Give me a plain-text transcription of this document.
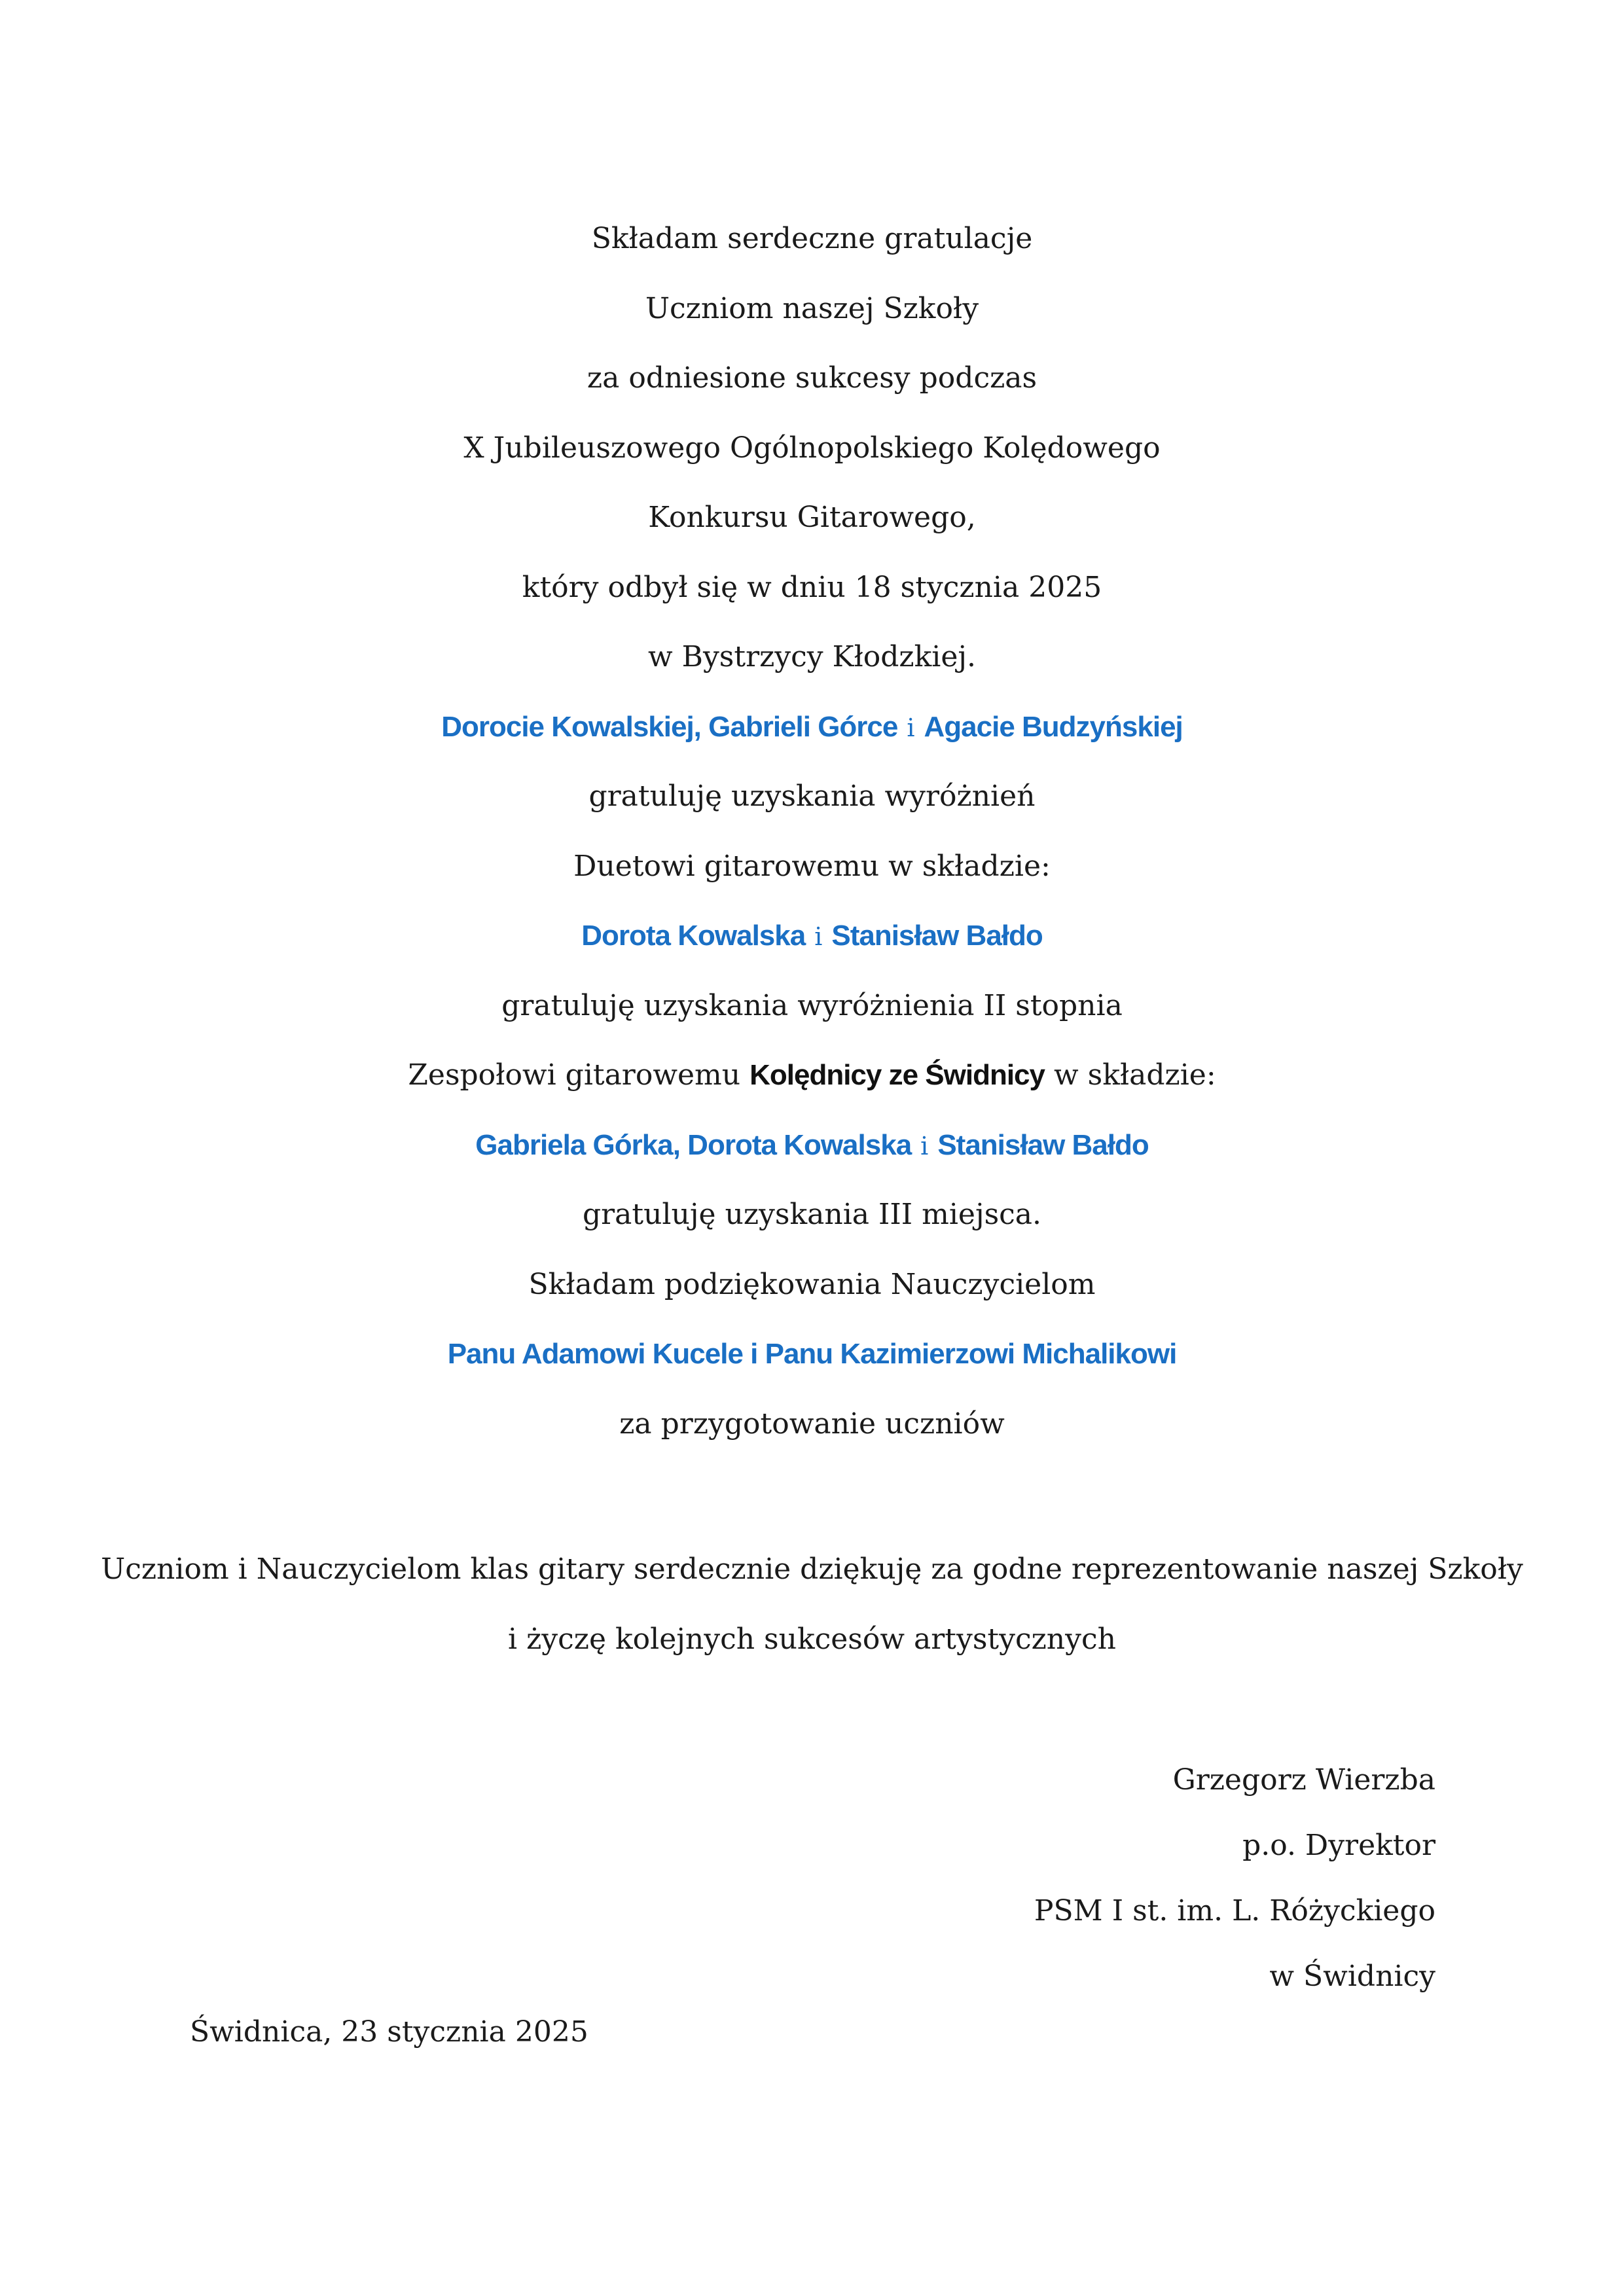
Składam serdeczne gratulacje
Uczniom naszej Szkoły
za odniesione sukcesy podczas
X Jubileuszowego Ogólnopolskiego Kolędowego
Konkursu Gitarowego,
który odbył się w dniu 18 stycznia 2025
w Bystrzycy Kłodzkiej.
Dorocie Kowalskiej, Gabrieli Górce i Agacie Budzyńskiej
gratuluję uzyskania wyróżnień
Duetowi gitarowemu w składzie:
Dorota Kowalska i Stanisław Bałdo
gratuluję uzyskania wyróżnienia II stopnia
Zespołowi gitarowemu Kolędnicy ze Świdnicy w składzie:
Gabriela Górka, Dorota Kowalska i Stanisław Bałdo
gratuluję uzyskania III miejsca.
Składam podziękowania Nauczycielom
Panu Adamowi Kucele i Panu Kazimierzowi Michalikowi
za przygotowanie uczniów
Uczniom i Nauczycielom klas gitary serdecznie dziękuję za godne reprezentowanie naszej Szkoły
i życzę kolejnych sukcesów artystycznych
Grzegorz Wierzba
p.o. Dyrektor
PSM I st. im. L. Różyckiego
w Świdnicy
Świdnica, 23 stycznia 2025
